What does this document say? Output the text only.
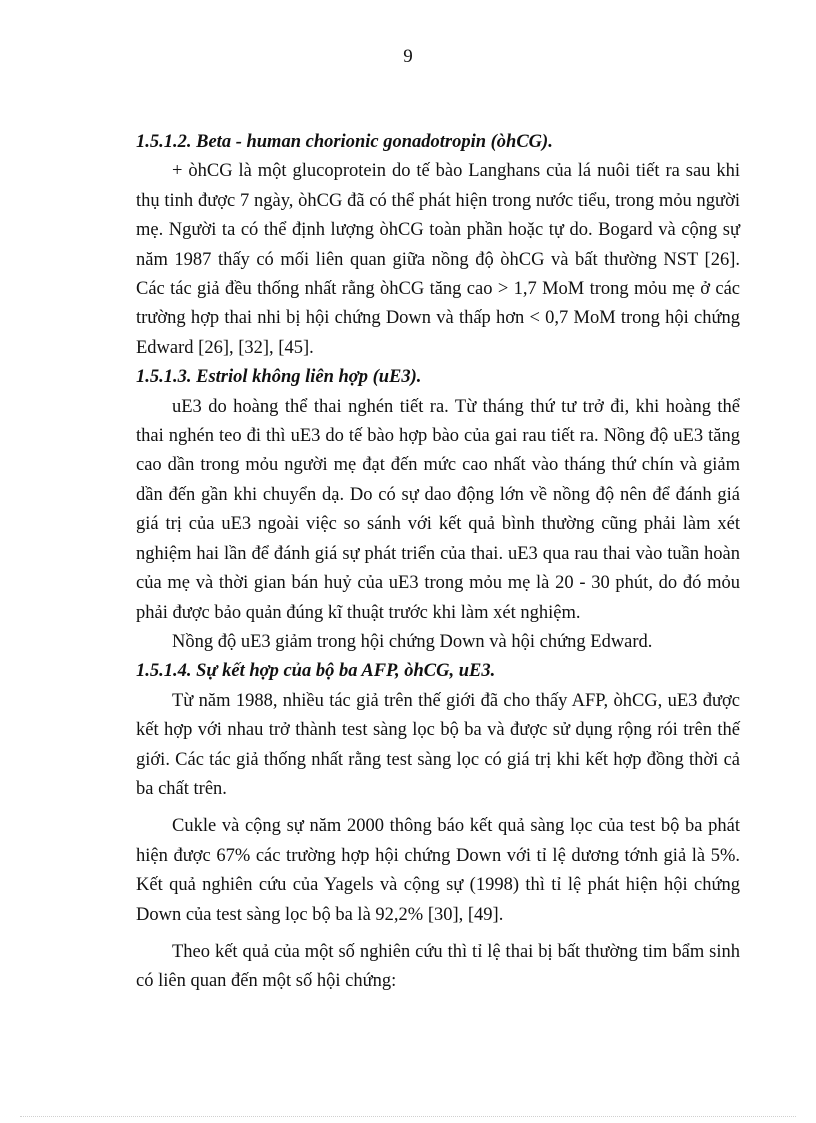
9

1.5.1.2. Beta - human chorionic gonadotropin (òhCG).

+ òhCG là một glucoprotein do tế bào Langhans của lá nuôi tiết ra sau khi thụ tinh được 7 ngày, òhCG đã có thể phát hiện trong nước tiểu, trong mỏu người mẹ. Người ta có thể định lượng òhCG toàn phần hoặc tự do. Bogard và cộng sự năm 1987 thấy có mối liên quan giữa nồng độ òhCG và bất thường NST [26]. Các tác giả đều thống nhất rằng òhCG tăng cao > 1,7 MoM trong mỏu mẹ ở các trường hợp thai nhi bị hội chứng Down và thấp hơn < 0,7 MoM trong hội chứng Edward [26], [32], [45].

1.5.1.3. Estriol không liên hợp (uE3).

uE3 do hoàng thể thai nghén tiết ra. Từ tháng thứ tư trở đi, khi hoàng thể thai nghén teo đi thì uE3 do tế bào hợp bào của gai rau tiết ra. Nồng độ uE3 tăng cao dần trong mỏu người mẹ đạt đến mức cao nhất vào tháng thứ chín và giảm dần đến gần khi chuyển dạ. Do có sự dao động lớn về nồng độ nên để đánh giá giá trị của uE3 ngoài việc so sánh với kết quả bình thường cũng phải làm xét nghiệm hai lần để đánh giá sự phát triển của thai. uE3 qua rau thai vào tuần hoàn của mẹ và thời gian bán huỷ của uE3 trong mỏu mẹ là 20 - 30 phút, do đó mỏu phải được bảo quản đúng kĩ thuật trước khi làm xét nghiệm.

Nồng độ uE3 giảm trong hội chứng Down và hội chứng Edward.

1.5.1.4. Sự kết hợp của bộ ba AFP, òhCG, uE3.

Từ năm 1988, nhiều tác giả trên thế giới đã cho thấy AFP, òhCG, uE3 được kết hợp với nhau trở thành test sàng lọc bộ ba và được sử dụng rộng rói trên thế giới. Các tác giả thống nhất rằng test sàng lọc có giá trị khi kết hợp đồng thời cả ba chất trên.

Cukle và cộng sự năm 2000 thông báo kết quả sàng lọc của test bộ ba phát hiện được 67% các trường hợp hội chứng Down với tỉ lệ dương tớnh giả là 5%. Kết quả nghiên cứu của Yagels và cộng sự (1998) thì tỉ lệ phát hiện hội chứng Down của test sàng lọc bộ ba là 92,2% [30], [49].

Theo kết quả của một số nghiên cứu thì tỉ lệ thai bị bất thường tim bẩm sinh có liên quan đến một số hội chứng:
